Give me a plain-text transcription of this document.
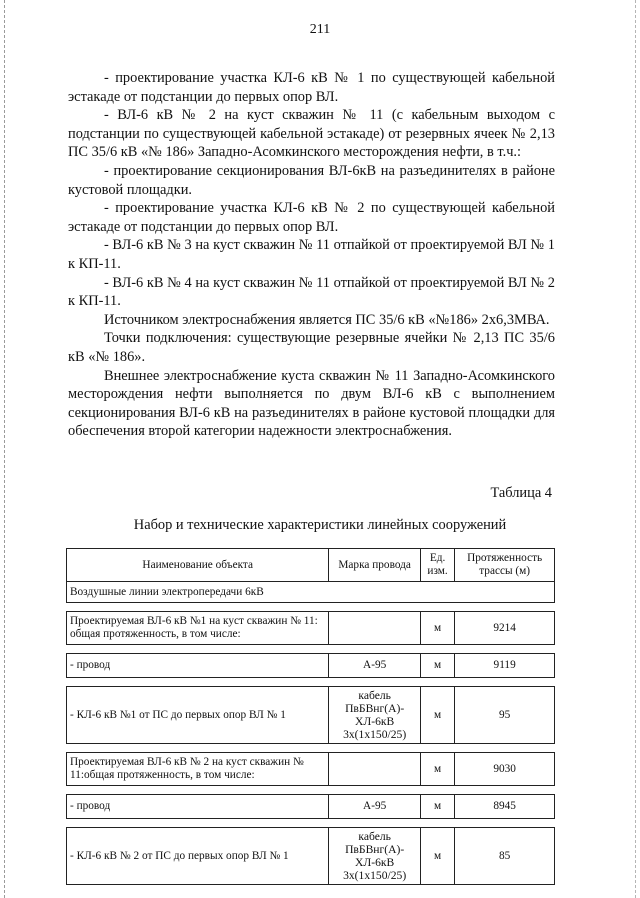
211

- проектирование участка КЛ-6 кВ № 1 по существующей кабельной эстакаде от подстанции до первых опор ВЛ.

- ВЛ-6 кВ № 2 на куст скважин № 11 (с кабельным выходом с подстанции по существующей кабельной эстакаде) от резервных ячеек № 2,13 ПС 35/6 кВ «№ 186» Западно-Асомкинского месторождения нефти, в т.ч.:

- проектирование секционирования ВЛ-6кВ на разъединителях в районе кустовой площадки.

- проектирование участка КЛ-6 кВ № 2 по существующей кабельной эстакаде от подстанции до первых опор ВЛ.

- ВЛ-6 кВ № 3 на куст скважин № 11 отпайкой от проектируемой ВЛ № 1 к КП-11.

- ВЛ-6 кВ № 4 на куст скважин № 11 отпайкой от проектируемой ВЛ № 2 к КП-11.

Источником электроснабжения является ПС 35/6 кВ «№186» 2х6,3МВА.

Точки подключения: существующие резервные ячейки № 2,13 ПС 35/6 кВ «№ 186».

Внешнее электроснабжение куста скважин № 11 Западно-Асомкинского месторождения нефти выполняется по двум ВЛ-6 кВ с выполнением секционирования ВЛ-6 кВ на разъединителях в районе кустовой площадки для обеспечения второй категории надежности электроснабжения.

Таблица 4
Набор и технические характеристики линейных сооружений
Наименование объекта	Марка провода	Ед. изм.	Протяженность трассы (м)
Воздушные линии электропередачи 6кВ			

Проектируемая ВЛ-6 кВ №1 на куст скважин № 11: общая протяженность, в том числе:		м	9214

- провод	А-95	м	9119

- КЛ-6 кВ №1 от ПС до первых опор ВЛ № 1	кабель ПвБВнг(А)-ХЛ-6кВ 3х(1х150/25)	м	95

Проектируемая ВЛ-6 кВ № 2 на куст скважин № 11:общая протяженность, в том числе:		м	9030

- провод	А-95	м	8945

- КЛ-6 кВ № 2 от ПС до первых опор ВЛ № 1	кабель ПвБВнг(А)-ХЛ-6кВ 3х(1х150/25)	м	85
